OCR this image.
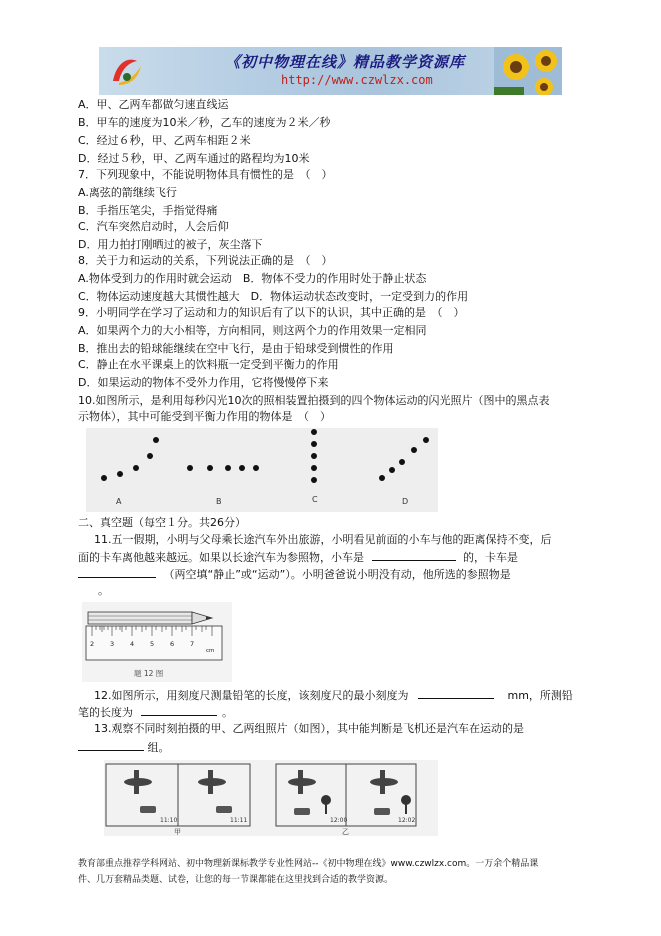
《初中物理在线》精品教学资源库
http://www.czwlzx.com
A．甲、乙两车都做匀速直线运
B．甲车的速度为10米／秒，乙车的速度为２米／秒
C．经过６秒，甲、乙两车相距２米
D．经过５秒，甲、乙两车通过的路程均为10米
7．下列现象中，不能说明物体具有惯性的是　（　）
A.离弦的箭继续飞行
B．手指压笔尖，手指觉得痛
C．汽车突然启动时，人会后仰
D．用力拍打刚晒过的被子，灰尘落下
8．关于力和运动的关系，下列说法正确的是　（　）
A.物体受到力的作用时就会运动　B．物体不受力的作用时处于静止状态
C．物体运动速度越大其惯性越大　D．物体运动状态改变时，一定受到力的作用
9．小明同学在学习了运动和力的知识后有了以下的认识，其中正确的是　（　）
A．如果两个力的大小相等，方向相同，则这两个力的作用效果一定相同
B．推出去的铅球能继续在空中飞行，是由于铅球受到惯性的作用
C．静止在水平课桌上的饮料瓶一定受到平衡力的作用
D．如果运动的物体不受外力作用，它将慢慢停下来
10.如图所示，是利用每秒闪光10次的照相装置拍摄到的四个物体运动的闪光照片（图中的黑点表
示物体），其中可能受到平衡力作用的物体是　（　）
A	B	C	D
二、真空题（每空１分。共26分）
11.五一假期，小明与父母乘长途汽车外出旅游，小明看见前面的小车与他的距离保持不变，后
面的卡车离他越来越远。如果以长途汽车为参照物，小车是	的，卡车是
（两空填“静止”或“运动”）。小明爸爸说小明没有动，他所选的参照物是
。
2 3 4 5 6 7
cm
题 12 图
12.如图所示，用刻度尺测量铅笔的长度，该刻度尺的最小刻度为	mm，所测铅
笔的长度为	。
13.观察不同时刻拍摄的甲、乙两组照片（如图），其中能判断是飞机还是汽车在运动的是
组。
11:10	11:11	12:00	12:02
甲	乙
教育部重点推荐学科网站、初中物理新课标教学专业性网站--《初中物理在线》www.czwlzx.com。一万余个精品课
件、几万套精品类题、试卷，让您的每一节课都能在这里找到合适的教学资源。
